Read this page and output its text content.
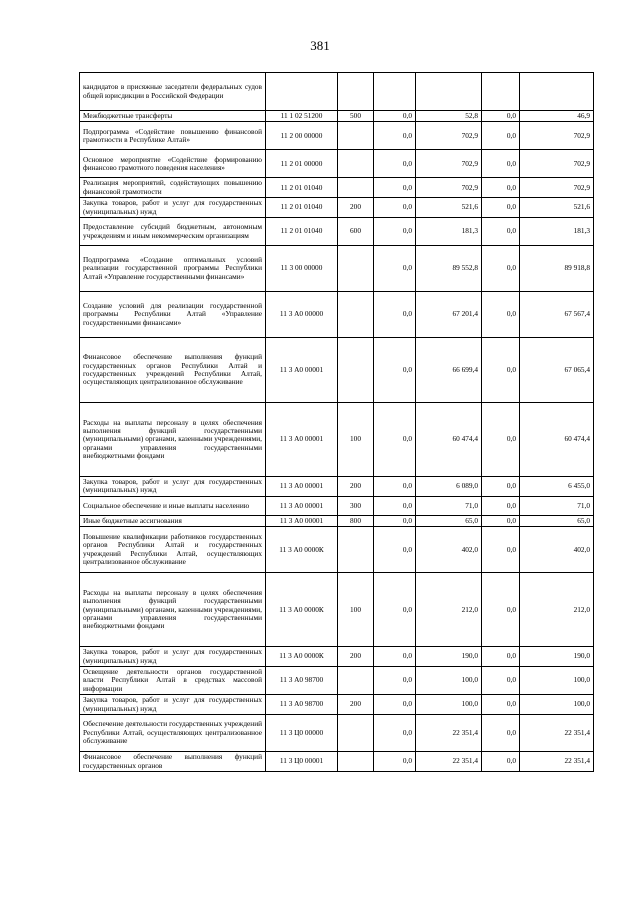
381
кандидатов в присяжные заседатели федеральных судов общей юрисдикции в Российской Федерации						
Межбюджетные трансферты	11 1 02 51200	500	0,0	52,8	0,0	46,9
Подпрограмма «Содействие повышению финансовой грамотности в Республике Алтай»	11 2 00 00000		0,0	702,9	0,0	702,9
Основное мероприятие «Содействие формированию финансово грамотного поведения населения»	11 2 01 00000		0,0	702,9	0,0	702,9
Реализация мероприятий, содействующих повышению финансовой грамотности	11 2 01 01040		0,0	702,9	0,0	702,9
Закупка товаров, работ и услуг для государственных (муниципальных) нужд	11 2 01 01040	200	0,0	521,6	0,0	521,6
Предоставление субсидий бюджетным, автономным учреждениям и иным некоммерческим организациям	11 2 01 01040	600	0,0	181,3	0,0	181,3
Подпрограмма «Создание оптимальных условий реализации государственной программы Республики Алтай «Управление государственными финансами»	11 3 00 00000		0,0	89 552,8	0,0	89 918,8
Создание условий для реализации государственной программы Республики Алтай «Управление государственными финансами»	11 3 А0 00000		0,0	67 201,4	0,0	67 567,4
Финансовое обеспечение выполнения функций государственных органов Республики Алтай и государственных учреждений Республики Алтай, осуществляющих централизованное обслуживание	11 3 А0 00001		0,0	66 699,4	0,0	67 065,4
Расходы на выплаты персоналу в целях обеспечения выполнения функций государственными (муниципальными) органами, казенными учреждениями, органами управления государственными внебюджетными фондами	11 3 А0 00001	100	0,0	60 474,4	0,0	60 474,4
Закупка товаров, работ и услуг для государственных (муниципальных) нужд	11 3 А0 00001	200	0,0	6 089,0	0,0	6 455,0
Социальное обеспечение и иные выплаты населению	11 3 А0 00001	300	0,0	71,0	0,0	71,0
Иные бюджетные ассигнования	11 3 А0 00001	800	0,0	65,0	0,0	65,0
Повышение квалификации работников государственных органов Республики Алтай и государственных учреждений Республики Алтай, осуществляющих централизованное обслуживание	11 3 А0 0000К		0,0	402,0	0,0	402,0
Расходы на выплаты персоналу в целях обеспечения выполнения функций государственными (муниципальными) органами, казенными учреждениями, органами управления государственными внебюджетными фондами	11 3 А0 0000К	100	0,0	212,0	0,0	212,0
Закупка товаров, работ и услуг для государственных (муниципальных) нужд	11 3 А0 0000К	200	0,0	190,0	0,0	190,0
Освещение деятельности органов государственной власти Республики Алтай в средствах массовой информации	11 3 А0 98700		0,0	100,0	0,0	100,0
Закупка товаров, работ и услуг для государственных (муниципальных) нужд	11 3 А0 98700	200	0,0	100,0	0,0	100,0
Обеспечение деятельности государственных учреждений Республики Алтай, осуществляющих централизованное обслуживание	11 3 Ц0 00000		0,0	22 351,4	0,0	22 351,4
Финансовое обеспечение выполнения функций государственных органов	11 3 Ц0 00001		0,0	22 351,4	0,0	22 351,4
